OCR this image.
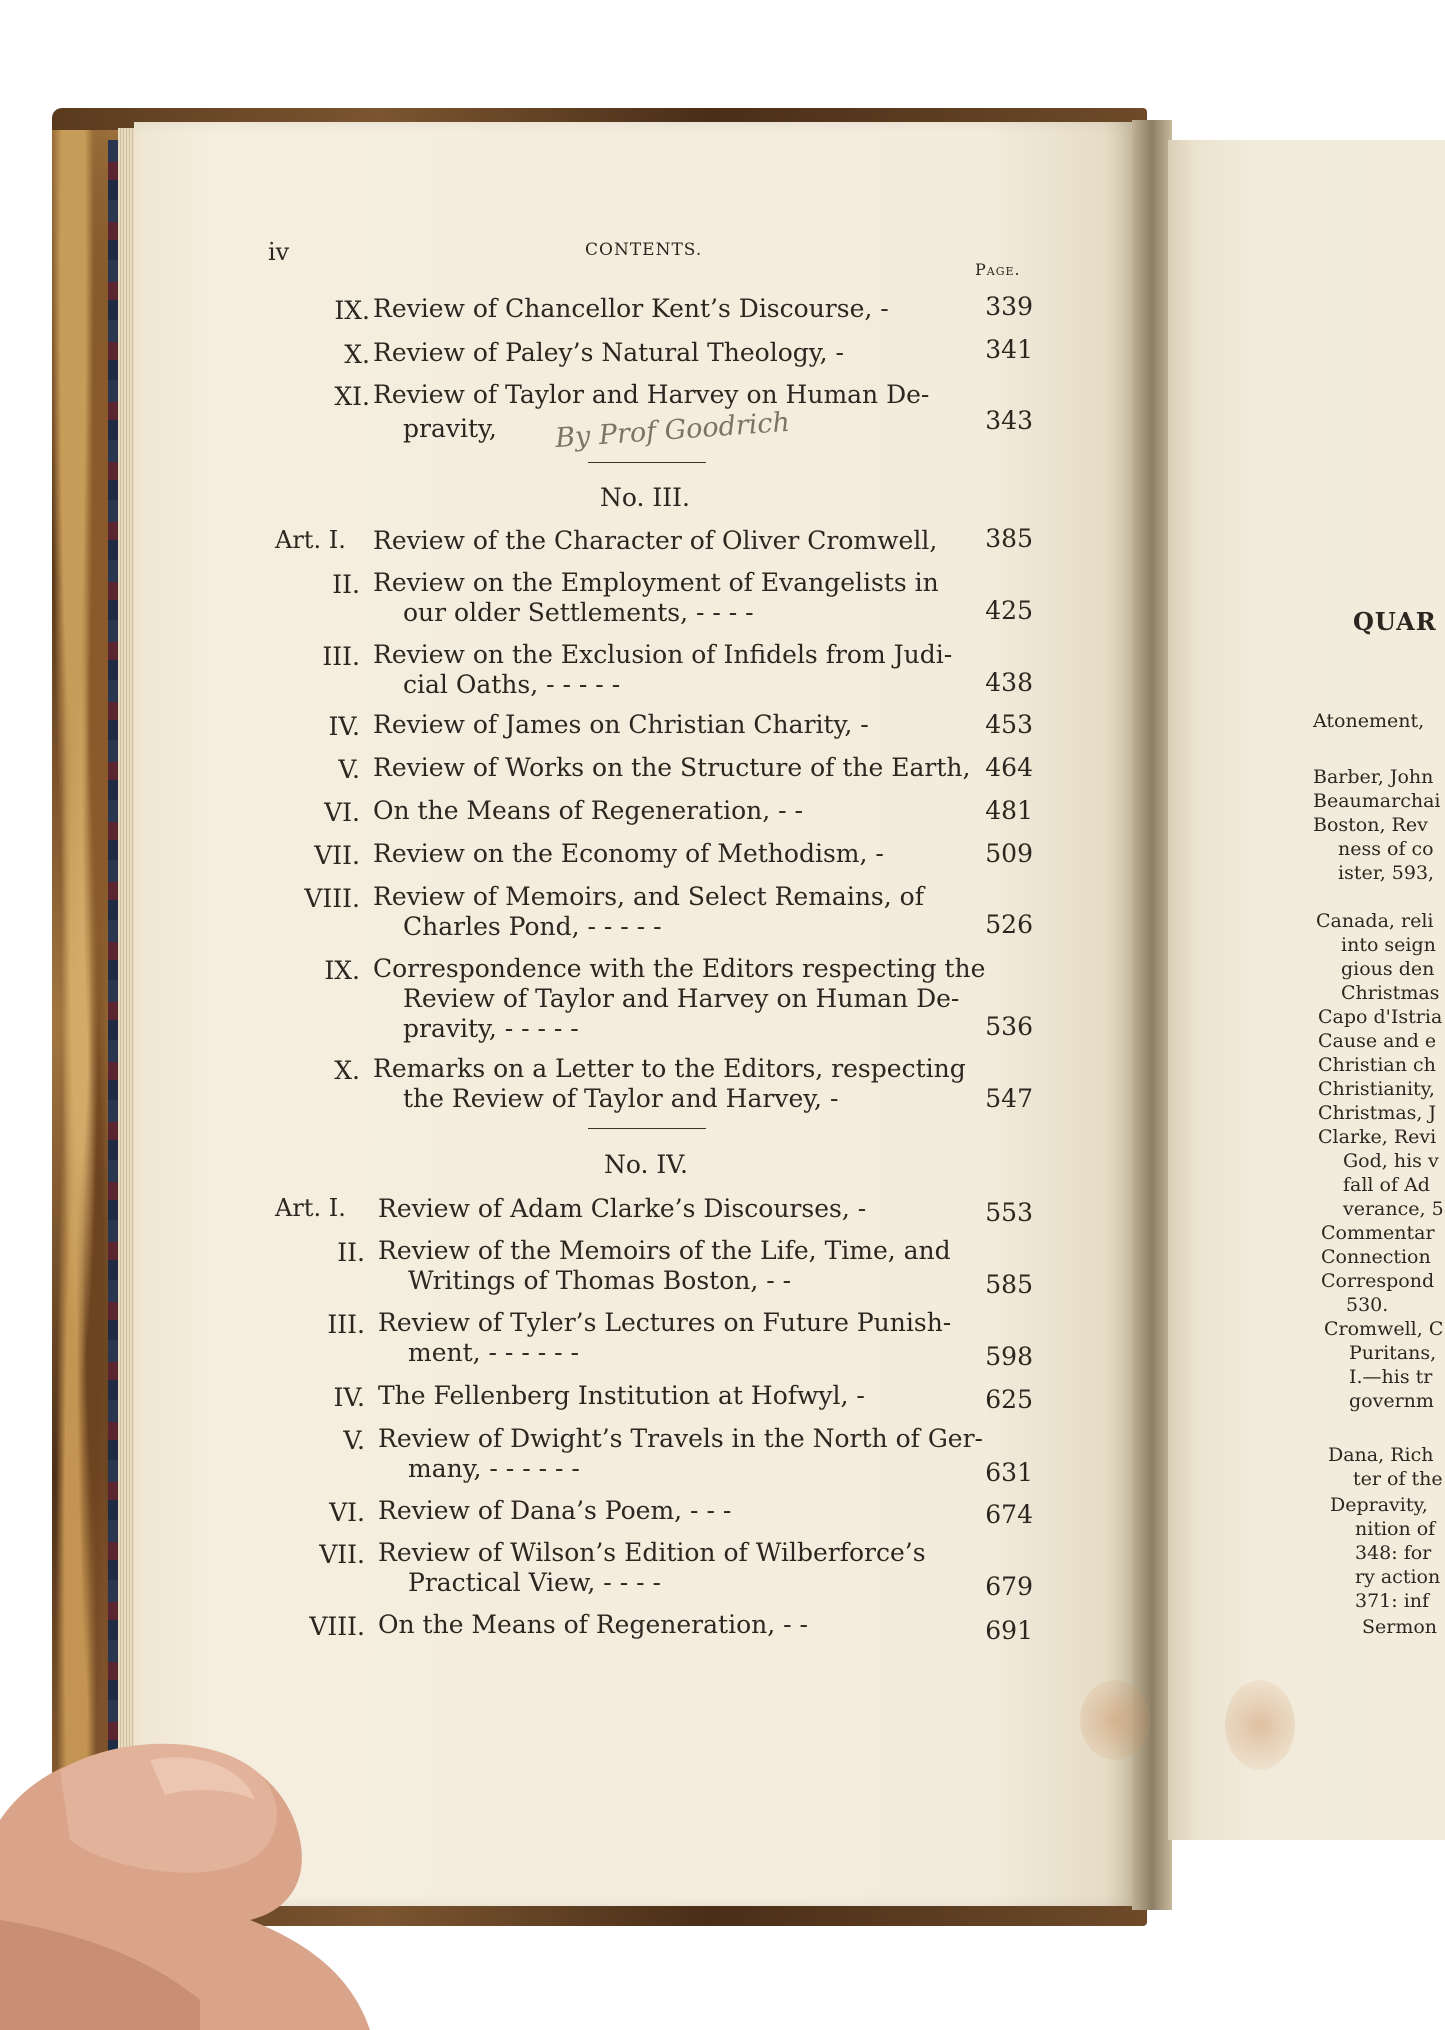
iv	CONTENTS.
Page.
IX. Review of Chancellor Kent’s Discourse, -	339
X. Review of Paley’s Natural Theology, -	341
XI. Review of Taylor and Harvey on Human De-
pravity,	343
By Prof Goodrich
No. III.
Art. I. Review of the Character of Oliver Cromwell,	385
II. Review on the Employment of Evangelists in
our older Settlements, - - - -	425
III. Review on the Exclusion of Infidels from Judi-
cial Oaths, - - - - -	438
IV. Review of James on Christian Charity, -	453
V. Review of Works on the Structure of the Earth, 464
VI. On the Means of Regeneration, - -	481
VII. Review on the Economy of Methodism, -	509
VIII. Review of Memoirs, and Select Remains, of
Charles Pond, - - - - -	526
IX. Correspondence with the Editors respecting the
Review of Taylor and Harvey on Human De-
pravity, - - - - -	536
X. Remarks on a Letter to the Editors, respecting
the Review of Taylor and Harvey, -	547
No. IV.
Art. I. Review of Adam Clarke’s Discourses, -	553
II. Review of the Memoirs of the Life, Time, and
Writings of Thomas Boston, - -	585
III. Review of Tyler’s Lectures on Future Punish-
ment, - - - - - -	598
IV. The Fellenberg Institution at Hofwyl, -	625
V. Review of Dwight’s Travels in the North of Ger-
many, - - - - - -	631
VI. Review of Dana’s Poem, - - -	674
VII. Review of Wilson’s Edition of Wilberforce’s
Practical View, - - - -	679
VIII. On the Means of Regeneration, - -	691
QUAR
Atonement,
Barber, John
Beaumarchai
Boston, Rev
ness of co
ister, 593,
Canada, reli
into seign
gious den
Christmas
Capo d'Istria
Cause and e
Christian ch
Christianity,
Christmas, J
Clarke, Revi
God, his v
fall of Ad
verance, 5
Commentar
Connection
Correspond
530.
Cromwell, C
Puritans,
I.—his tr
governm
Dana, Rich
ter of the
Depravity,
nition of
348: for
ry action
371: inf
Sermon
